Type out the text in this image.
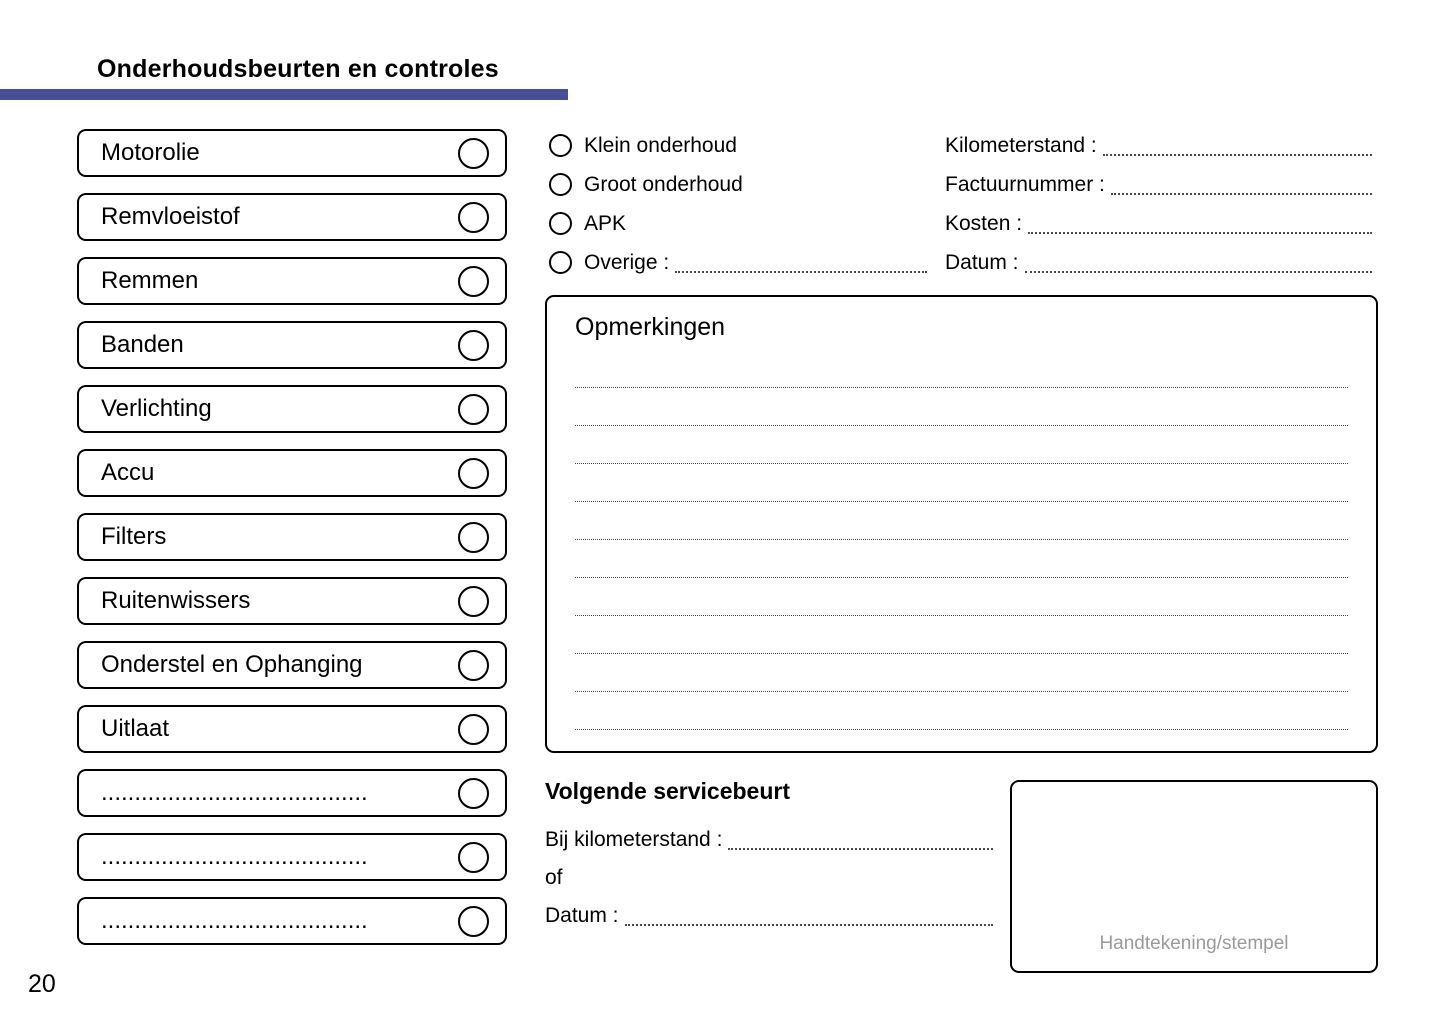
Onderhoudsbeurten en controles
Motorolie
Remvloeistof
Remmen
Banden
Verlichting
Accu
Filters
Ruitenwissers
Onderstel en Ophanging
Uitlaat
........................................
........................................
........................................
Klein onderhoud
Groot onderhoud
APK
Overige :
Kilometerstand :
Factuurnummer :
Kosten :
Datum :
Opmerkingen
Volgende servicebeurt
Bij kilometerstand :
of
Datum :
Handtekening/stempel
20
